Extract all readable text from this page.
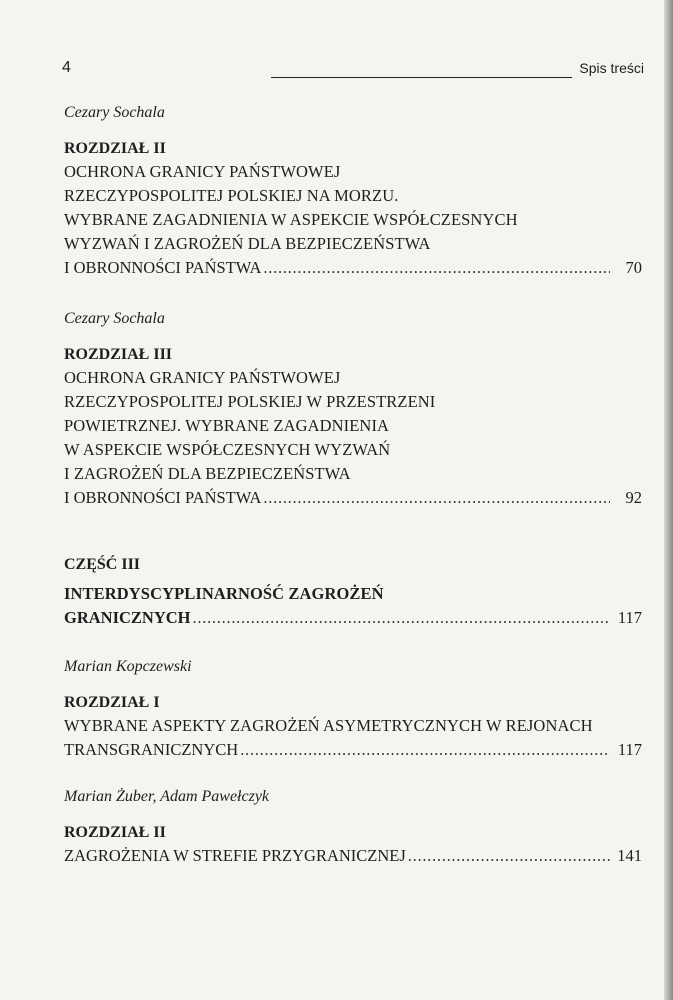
4	Spis treści
Cezary Sochala
ROZDZIAŁ II
OCHRONA GRANICY PAŃSTWOWEJ
RZECZYPOSPOLITEJ POLSKIEJ NA MORZU.
WYBRANE ZAGADNIENIA W ASPEKCIE WSPÓŁCZESNYCH
WYZWAŃ I ZAGROŻEŃ DLA BEZPIECZEŃSTWA
I OBRONNOŚCI PAŃSTWA . . .	70
Cezary Sochala
ROZDZIAŁ III
OCHRONA GRANICY PAŃSTWOWEJ
RZECZYPOSPOLITEJ POLSKIEJ W PRZESTRZENI
POWIETRZNEJ. WYBRANE ZAGADNIENIA
W ASPEKCIE WSPÓŁCZESNYCH WYZWAŃ
I ZAGROŻEŃ DLA BEZPIECZEŃSTWA
I OBRONNOŚCI PAŃSTWA . . .	92
CZĘŚĆ III
INTERDYSCYPLINARNOŚĆ ZAGROŻEŃ
GRANICZNYCH . . .	117
Marian Kopczewski
ROZDZIAŁ I
WYBRANE ASPEKTY ZAGROŻEŃ ASYMETRYCZNYCH W REJONACH
TRANSGRANICZNYCH . . .	117
Marian Żuber, Adam Pawełczyk
ROZDZIAŁ II
ZAGROŻENIA W STREFIE PRZYGRANICZNEJ . . .	141
